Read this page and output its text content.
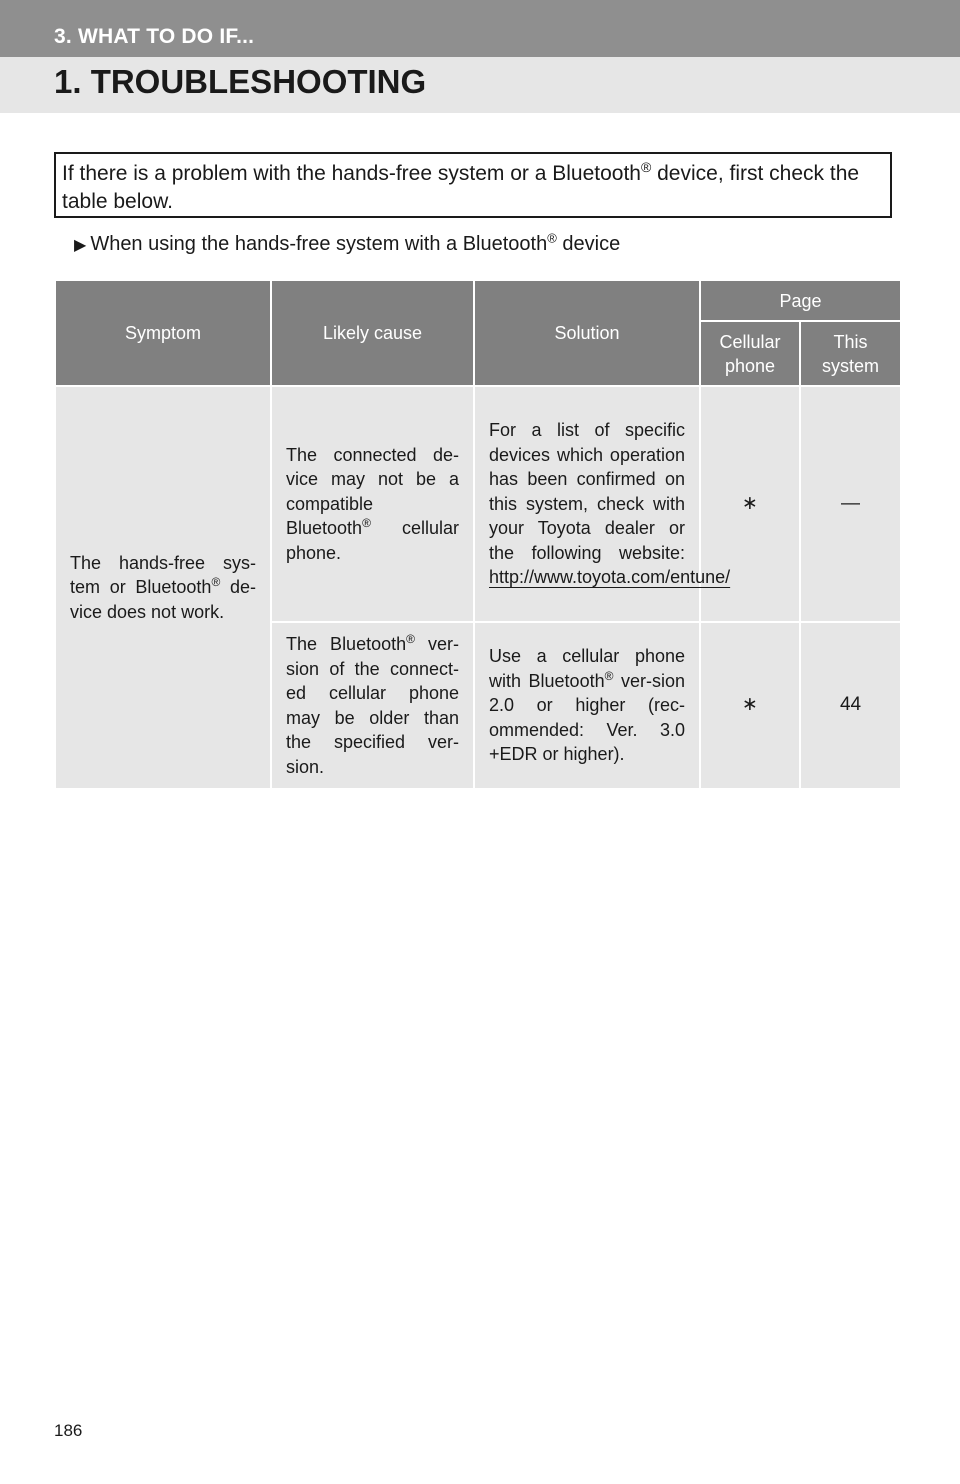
3. WHAT TO DO IF...
1. TROUBLESHOOTING
If there is a problem with the hands-free system or a Bluetooth® device, first check the table below.
▶ When using the hands-free system with a Bluetooth® device
Symptom	Likely cause	Solution	Page	
			Cellular phone	This system
The hands-free sys-tem or Bluetooth® de-vice does not work.	The connected de-vice may not be a compatible Bluetooth® cellular phone.	For a list of specific devices which operation has been confirmed on this system, check with your Toyota dealer or the following website: http://www.toyota.com/entune/	∗	—
	The Bluetooth® ver-sion of the connect-ed cellular phone may be older than the specified ver-sion.	Use a cellular phone with Bluetooth® ver-sion 2.0 or higher (rec-ommended: Ver. 3.0 +EDR or higher).	∗	44
186
